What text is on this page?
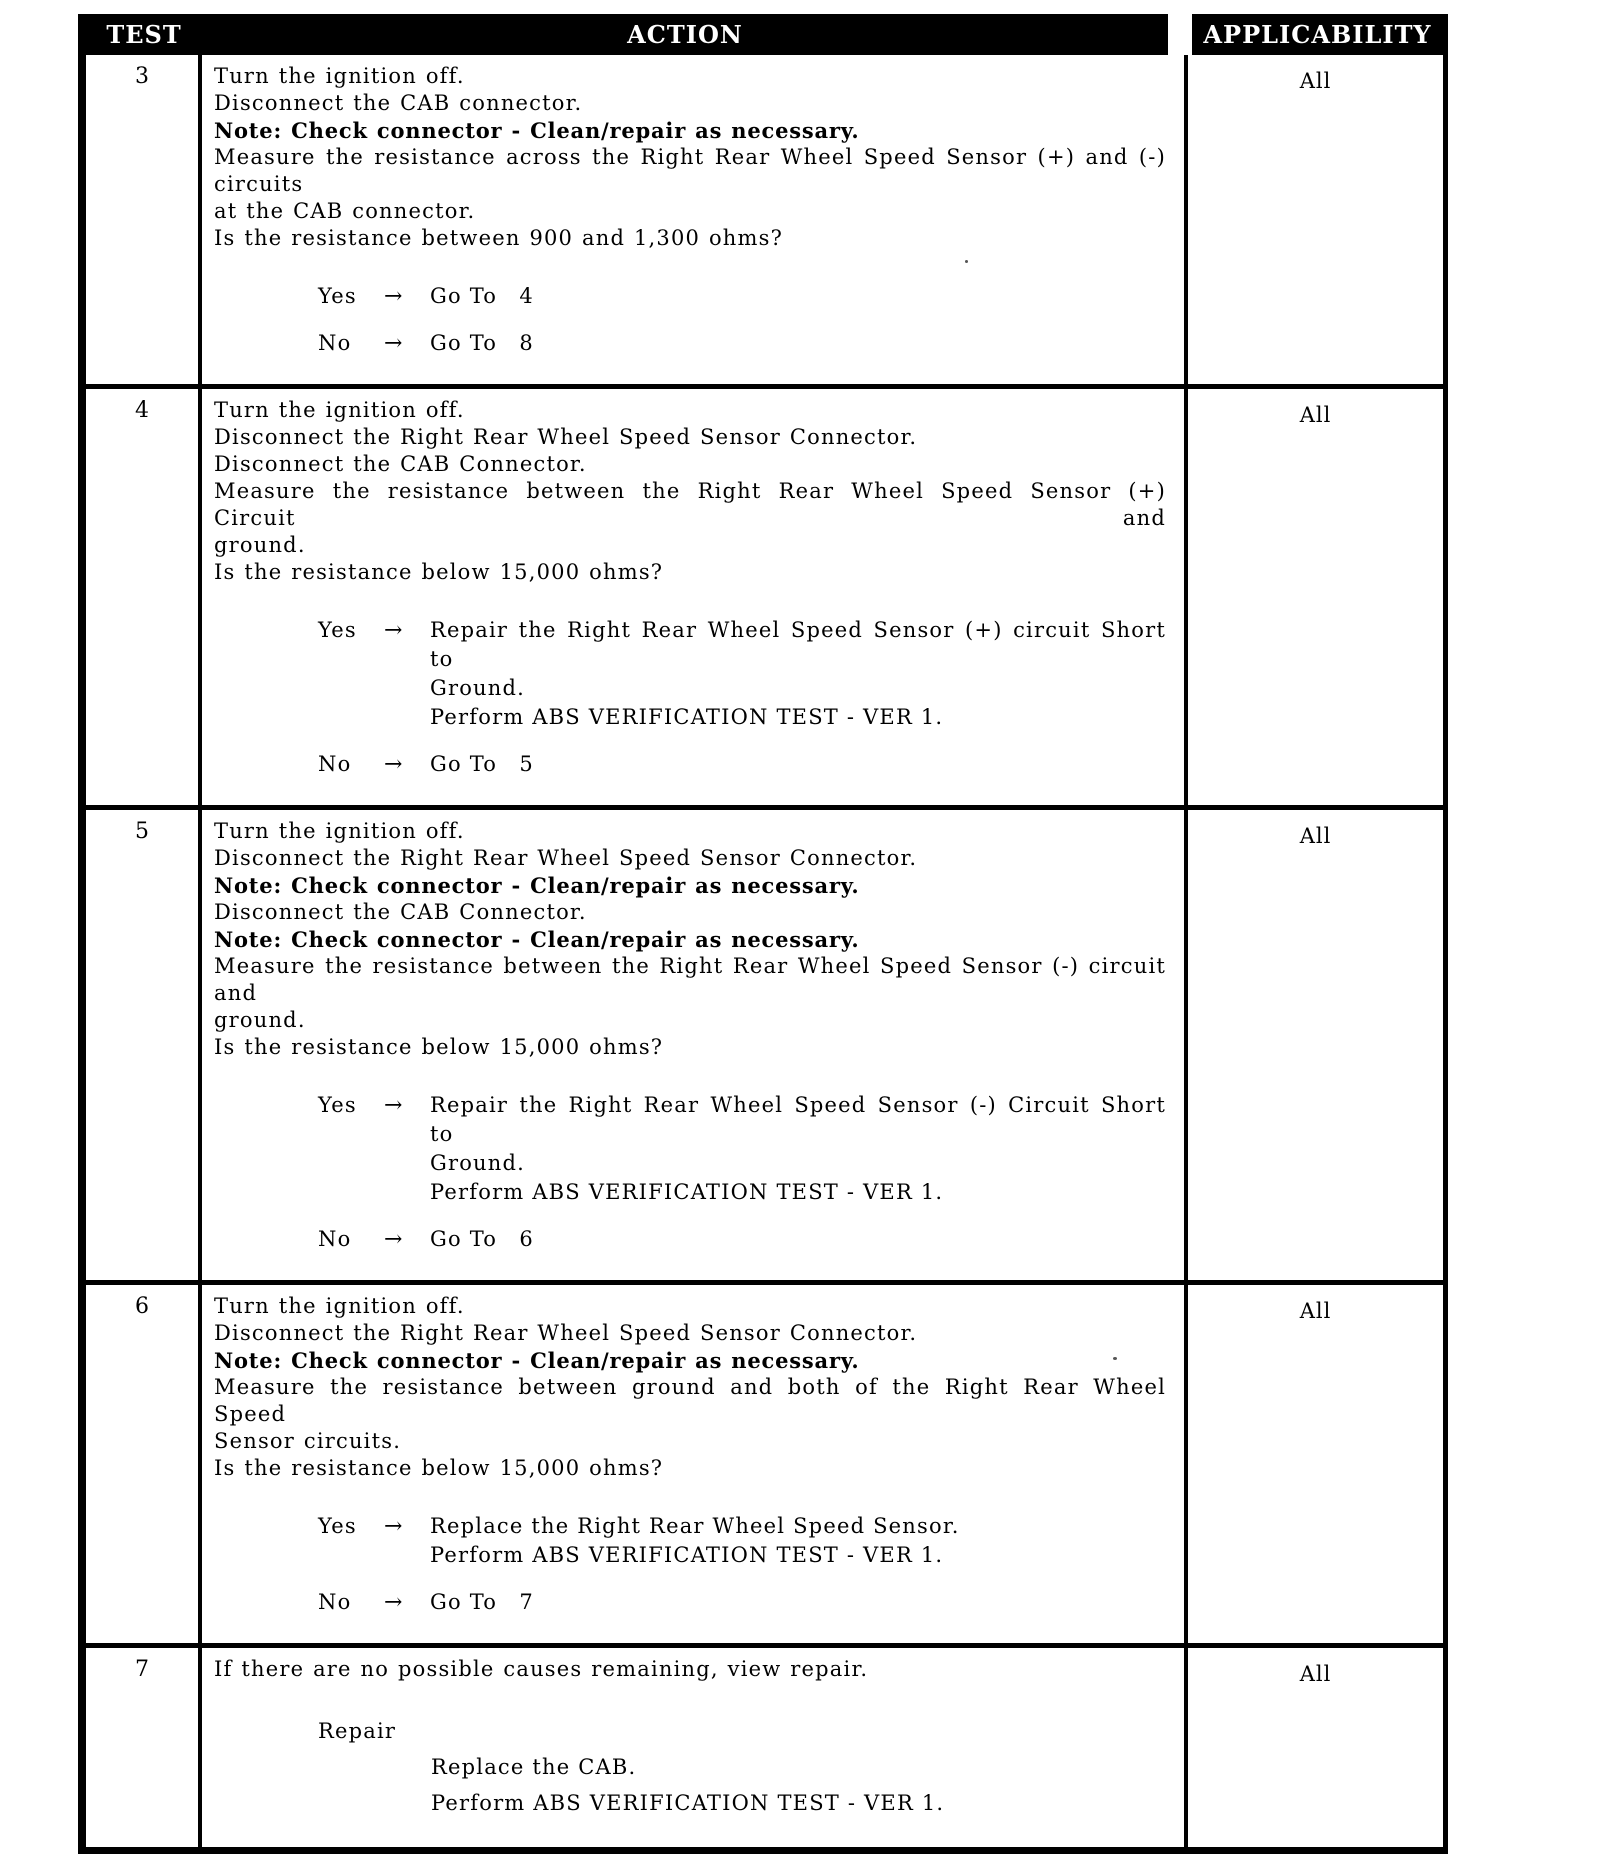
TEST	ACTION	APPLICABILITY
3	Turn the ignition off.
Disconnect the CAB connector.
Note: Check connector - Clean/repair as necessary.
Measure the resistance across the Right Rear Wheel Speed Sensor (+) and (-) circuits
at the CAB connector.
Is the resistance between 900 and 1,300 ohms?
Yes	→	Go To 4
No	→	Go To 8
All
4	Turn the ignition off.
Disconnect the Right Rear Wheel Speed Sensor Connector.
Disconnect the CAB Connector.
Measure the resistance between the Right Rear Wheel Speed Sensor (+) Circuit and
ground.
Is the resistance below 15,000 ohms?
Yes	→	Repair the Right Rear Wheel Speed Sensor (+) circuit Short to
Ground.
Perform ABS VERIFICATION TEST - VER 1.
No	→	Go To 5
All
5	Turn the ignition off.
Disconnect the Right Rear Wheel Speed Sensor Connector.
Note: Check connector - Clean/repair as necessary.
Disconnect the CAB Connector.
Note: Check connector - Clean/repair as necessary.
Measure the resistance between the Right Rear Wheel Speed Sensor (-) circuit and
ground.
Is the resistance below 15,000 ohms?
Yes	→	Repair the Right Rear Wheel Speed Sensor (-) Circuit Short to
Ground.
Perform ABS VERIFICATION TEST - VER 1.
No	→	Go To 6
All
6	Turn the ignition off.
Disconnect the Right Rear Wheel Speed Sensor Connector.
Note: Check connector - Clean/repair as necessary.
Measure the resistance between ground and both of the Right Rear Wheel Speed
Sensor circuits.
Is the resistance below 15,000 ohms?
Yes	→	Replace the Right Rear Wheel Speed Sensor.
Perform ABS VERIFICATION TEST - VER 1.
No	→	Go To 7
All
7	If there are no possible causes remaining, view repair.
Repair
Replace the CAB.
Perform ABS VERIFICATION TEST - VER 1.
All
